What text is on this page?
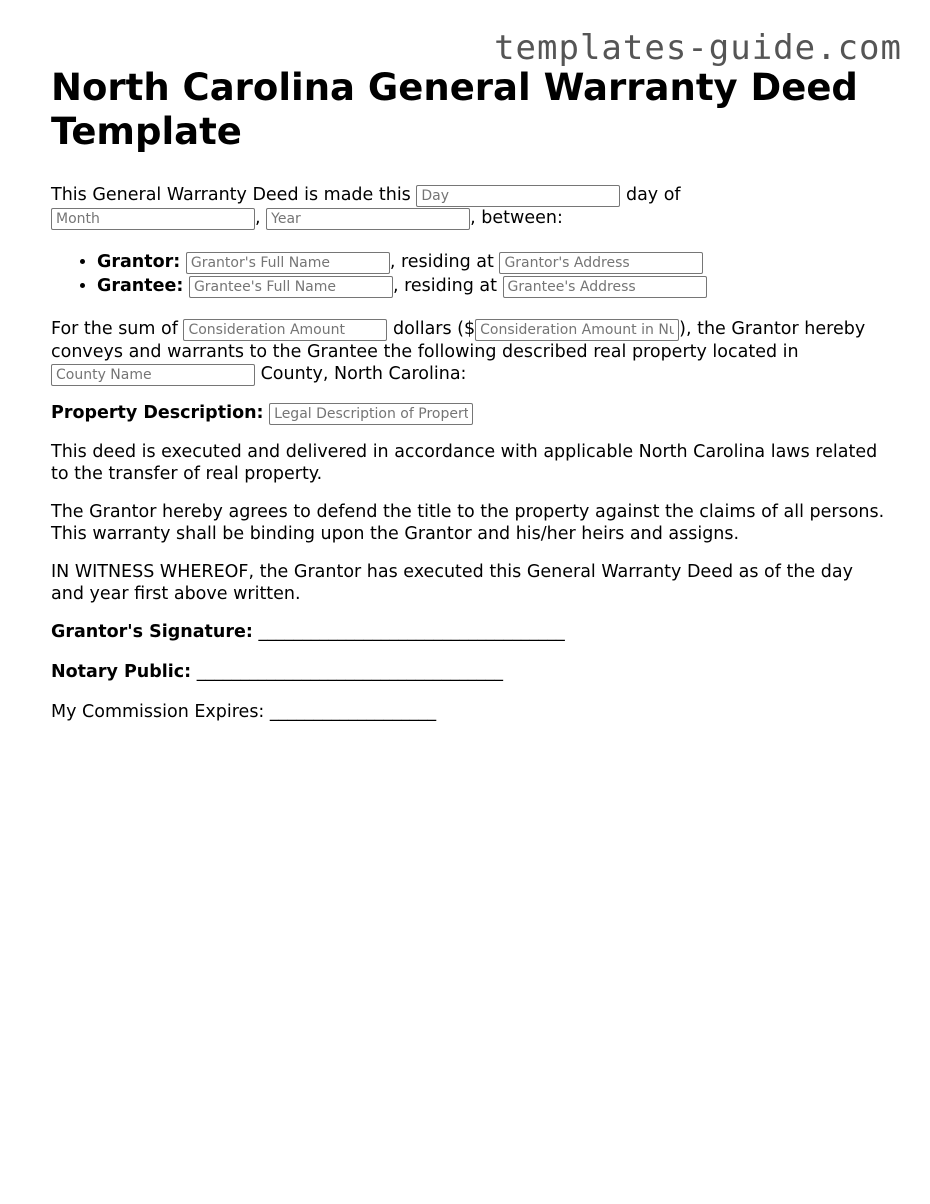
templates-guide.com
North Carolina General Warranty Deed Template

This General Warranty Deed is made this Day	day of
Month, Year	, between:

• Grantor: Grantor's Full Name	, residing at Grantor's Address
• Grantee: Grantee's Full Name	, residing at Grantee's Address

For the sum of Consideration Amount	dollars ($Consideration Amount in Numbers	), the Grantor hereby conveys and warrants to the Grantee the following described real property located in County Name County, North Carolina:

Property Description: Legal Description of Property

This deed is executed and delivered in accordance with applicable North Carolina laws related to the transfer of real property.

The Grantor hereby agrees to defend the title to the property against the claims of all persons. This warranty shall be binding upon the Grantor and his/her heirs and assigns.

IN WITNESS WHEREOF, the Grantor has executed this General Warranty Deed as of the day and year first above written.

Grantor's Signature: ___________________________________

Notary Public: ___________________________________

My Commission Expires: ___________________
